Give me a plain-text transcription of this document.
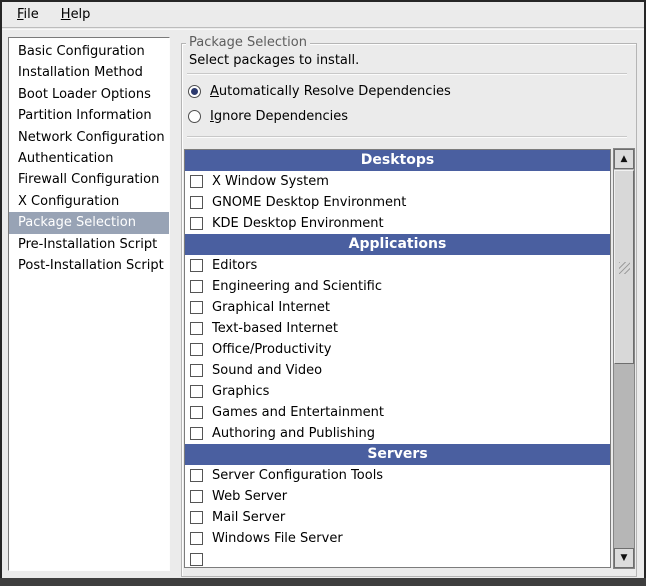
File	Help
Basic Configuration
Installation Method
Boot Loader Options
Partition Information
Network Configuration
Authentication
Firewall Configuration
X Configuration
Package Selection
Pre-Installation Script
Post-Installation Script
Package Selection
Select packages to install.
Automatically Resolve Dependencies
Ignore Dependencies
Desktops
X Window System
GNOME Desktop Environment
KDE Desktop Environment
Applications
Editors
Engineering and Scientific
Graphical Internet
Text-based Internet
Office/Productivity
Sound and Video
Graphics
Games and Entertainment
Authoring and Publishing
Servers
Server Configuration Tools
Web Server
Mail Server
Windows File Server
▲
▼
